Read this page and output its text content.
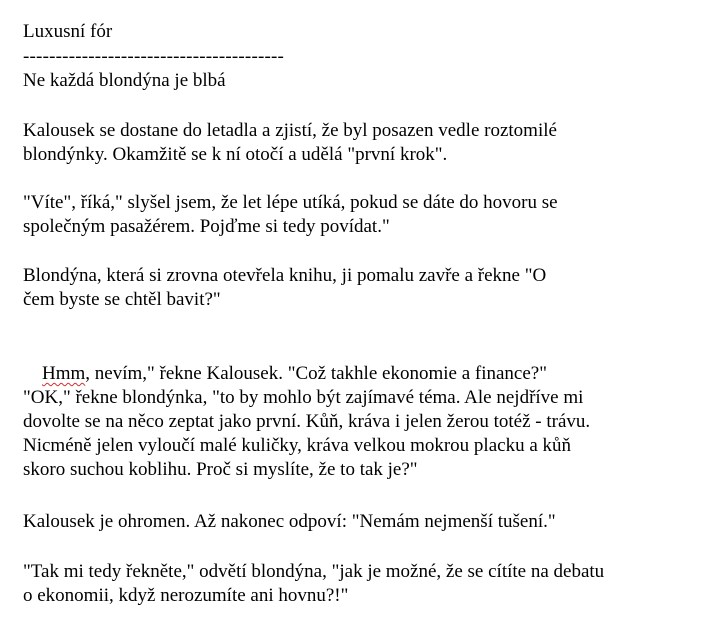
Luxusní fór
----------------------------------------
Ne každá blondýna je blbá
Kalousek se dostane do letadla a zjistí, že byl posazen vedle roztomilé
blondýnky. Okamžitě se k ní otočí a udělá "první krok".
"Víte", říká," slyšel jsem, že let lépe utíká, pokud se dáte do hovoru se
společným pasažérem. Pojďme si tedy povídat."
Blondýna, která si zrovna otevřela knihu, ji pomalu zavře a řekne "O
čem byste se chtěl bavit?"

Hmm, nevím," řekne Kalousek. "Což takhle ekonomie a finance?"

"OK," řekne blondýnka, "to by mohlo být zajímavé téma. Ale nejdříve mi
dovolte se na něco zeptat jako první. Kůň, kráva i jelen žerou totéž - trávu.
Nicméně jelen vyloučí malé kuličky, kráva velkou mokrou placku a kůň
skoro suchou koblihu. Proč si myslíte, že to tak je?"
Kalousek je ohromen. Až nakonec odpoví: "Nemám nejmenší tušení."
"Tak mi tedy řekněte," odvětí blondýna, "jak je možné, že se cítíte na debatu
o ekonomii, když nerozumíte ani hovnu?!"
